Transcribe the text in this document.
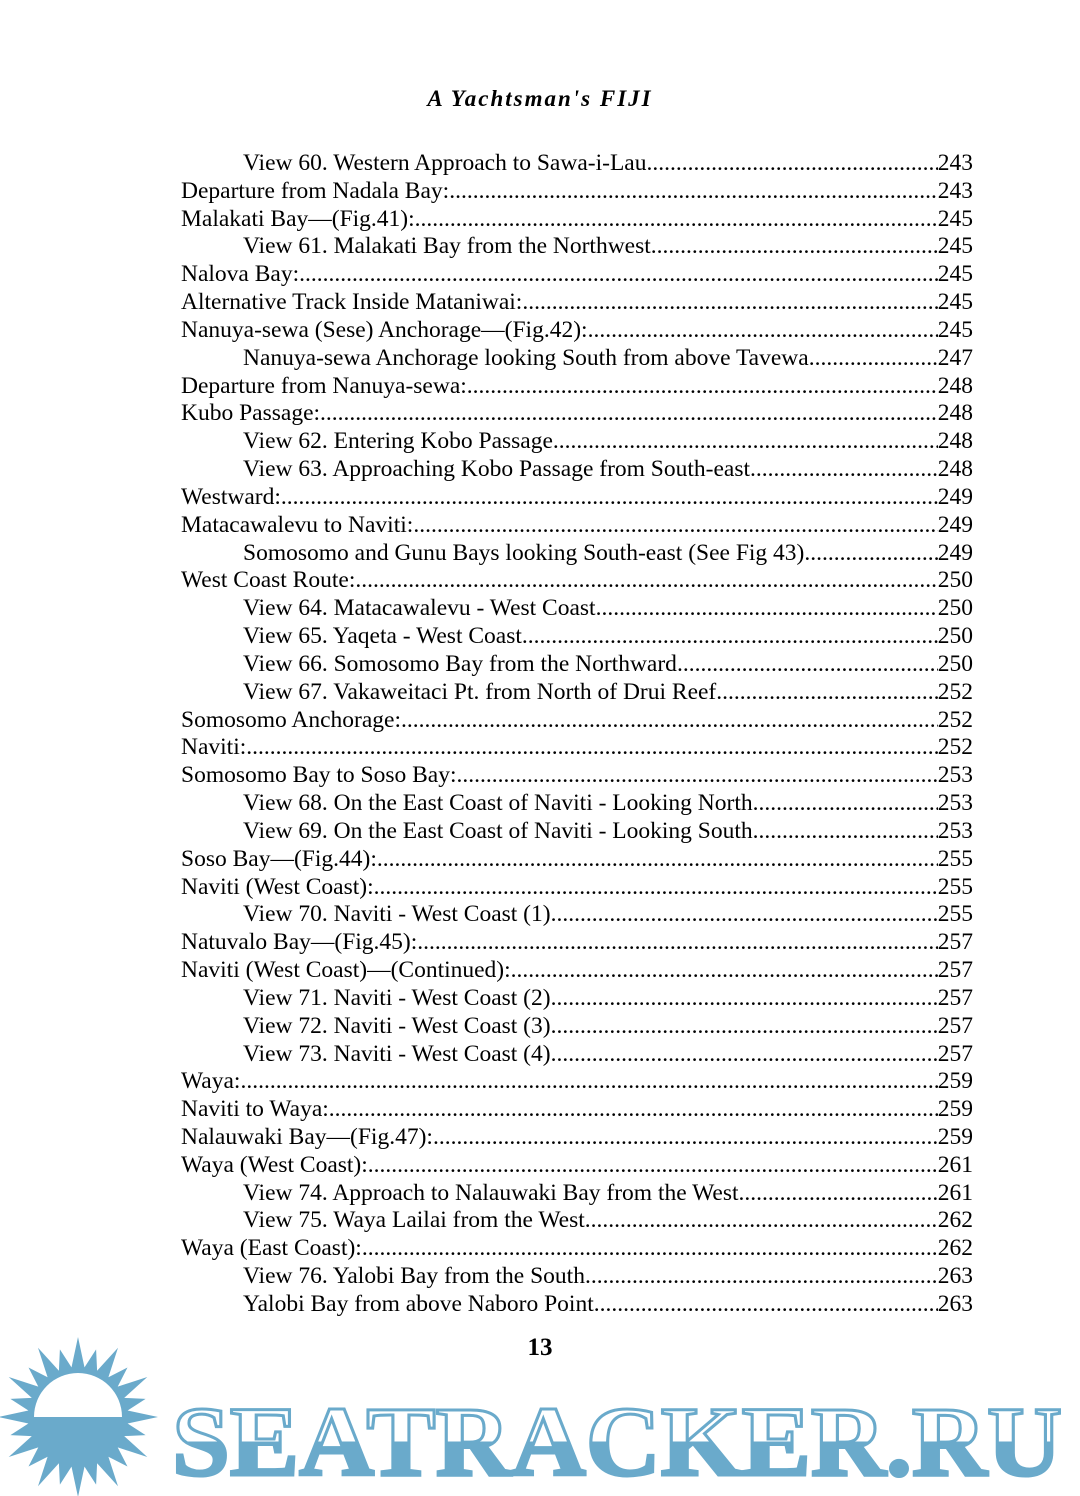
A Yachtsman's FIJI
View 60. Western Approach to Sawa-i-Lau .....	243
Departure from Nadala Bay: .....	243
Malakati Bay—(Fig.41): .....	245
View 61. Malakati Bay from the Northwest .....	245
Nalova Bay: .....	245
Alternative Track Inside Mataniwai: .....	245
Nanuya-sewa (Sese) Anchorage—(Fig.42): .....	245
Nanuya-sewa Anchorage looking South from above Tavewa .....	247
Departure from Nanuya-sewa: .....	248
Kubo Passage: .....	248
View 62. Entering Kobo Passage .....	248
View 63. Approaching Kobo Passage from South-east .....	248
Westward: .....	249
Matacawalevu to Naviti: .....	249
Somosomo and Gunu Bays looking South-east (See Fig 43) .....	249
West Coast Route: .....	250
View 64. Matacawalevu - West Coast .....	250
View 65. Yaqeta - West Coast .....	250
View 66. Somosomo Bay from the Northward .....	250
View 67. Vakaweitaci Pt. from North of Drui Reef .....	252
Somosomo Anchorage: .....	252
Naviti: .....	252
Somosomo Bay to Soso Bay: .....	253
View 68. On the East Coast of Naviti - Looking North .....	253
View 69. On the East Coast of Naviti - Looking South .....	253
Soso Bay—(Fig.44): .....	255
Naviti (West Coast): .....	255
View 70. Naviti - West Coast (1) .....	255
Natuvalo Bay—(Fig.45): .....	257
Naviti (West Coast)—(Continued): .....	257
View 71. Naviti - West Coast (2) .....	257
View 72. Naviti - West Coast (3) .....	257
View 73. Naviti - West Coast (4) .....	257
Waya: .....	259
Naviti to Waya: .....	259
Nalauwaki Bay—(Fig.47): .....	259
Waya (West Coast): .....	261
View 74. Approach to Nalauwaki Bay from the West .....	261
View 75. Waya Lailai from the West .....	262
Waya (East Coast): .....	262
View 76. Yalobi Bay from the South .....	263
Yalobi Bay from above Naboro Point .....	263
SEATRACKER.RU
13
